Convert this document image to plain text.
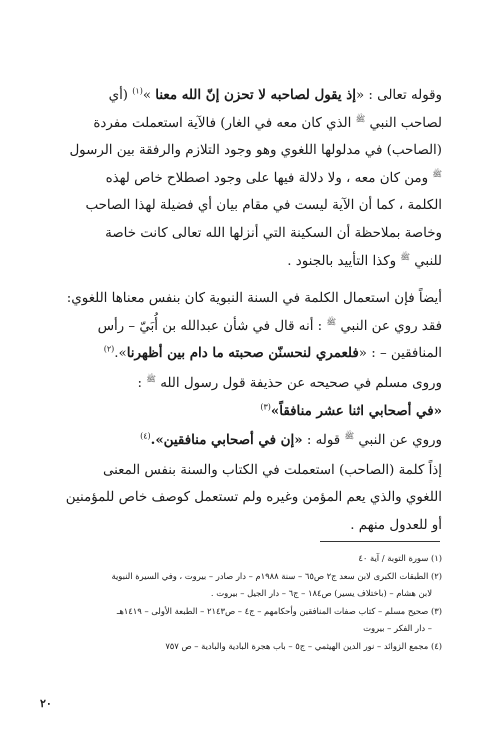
وقوله تعالى : «إذ يقول لصاحبه لا تحزن إنّ الله معنا »$^{(١)}$ (أي
لصاحب النبي $^ﷺ$ الذي كان معه في الغار) فالآية استعملت مفردة
(الصاحب) في مدلولها اللغوي وهو وجود التلازم والرفقة بين الرسول
$^ﷺ$ ومن كان معه ، ولا دلالة فيها على وجود اصطلاح خاص لهذه
الكلمة ، كما أن الآية ليست في مقام بيان أي فضيلة لهذا الصاحب
وخاصة بملاحظة أن السكينة التي أنزلها الله تعالى كانت خاصة
للنبي $^ﷺ$ وكذا التأييد بالجنود .

أيضاً فإن استعمال الكلمة في السنة النبوية كان بنفس معناها اللغوي:
فقد روي عن النبي $^ﷺ$ : أنه قال في شأن عبدالله بن أُبَيّ – رأس
المنافقين – : «فلعمري لنحسنّن صحبته ما دام بين أظهرنا».$^{(٢)}$

وروى مسلم في صحيحه عن حذيفة قول رسول الله $^ﷺ$ :
«في أصحابي اثنا عشر منافقاً»$^{(٣)}$

وروي عن النبي $^ﷺ$ قوله : «إن في أصحابي منافقين».$^{(٤)}$

إذاً كلمة (الصاحب) استعملت في الكتاب والسنة بنفس المعنى
اللغوي والذي يعم المؤمن وغيره ولم تستعمل كوصف خاص للمؤمنين
أو للعدول منهم .

(١) سورة التوبة / آية ٤٠

(٢) الطبقات الكبرى لابن سعد ج٢ ص٦٥ – سنة ١٩٨٨م – دار صادر – بيروت ، وفي السيرة النبوية

لابن هشام – (باختلاف يسير) ص١٨٤ – ج٦ – دار الجيل – بيروت .

(٣) صحيح مسلم – كتاب صفات المنافقين وأحكامهم – ج٤ – ص٢١٤٣ – الطبعة الأولى – ١٤١٩هـ

– دار الفكر – بيروت

(٤) مجمع الزوائد – نور الدين الهيثمي – ج٥ – باب هجرة البادية والبادية – ص ٧٥٧

٢٠
